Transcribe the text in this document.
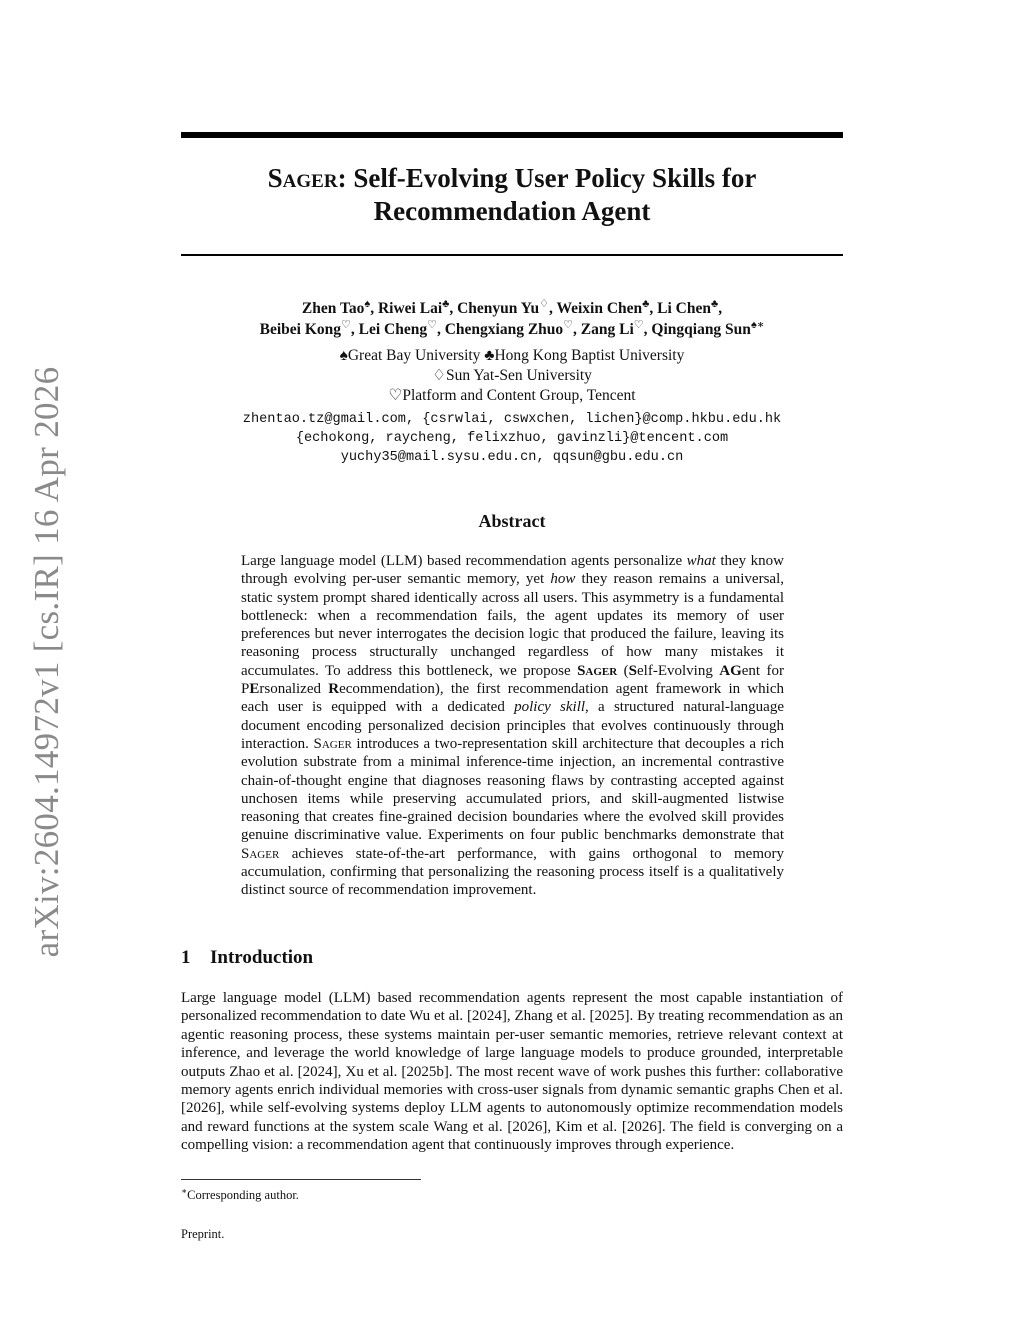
arXiv:2604.14972v1 [cs.IR] 16 Apr 2026
Sager: Self-Evolving User Policy Skills for
Recommendation Agent
Zhen Tao♠, Riwei Lai♣, Chenyun Yu♢, Weixin Chen♣, Li Chen♣,
Beibei Kong♡, Lei Cheng♡, Chengxiang Zhuo♡, Zang Li♡, Qingqiang Sun♠∗
♠Great Bay University ♣Hong Kong Baptist University
♢Sun Yat-Sen University
♡Platform and Content Group, Tencent
zhentao.tz@gmail.com, {csrwlai, cswxchen, lichen}@comp.hkbu.edu.hk
{echokong, raycheng, felixzhuo, gavinzli}@tencent.com
yuchy35@mail.sysu.edu.cn, qqsun@gbu.edu.cn
Abstract

Large language model (LLM) based recommendation agents personalize what they know through evolving per-user semantic memory, yet how they reason remains a universal, static system prompt shared identically across all users. This asymmetry is a fundamental bottleneck: when a recommendation fails, the agent updates its memory of user preferences but never interrogates the decision logic that produced the failure, leaving its reasoning process structurally unchanged regardless of how many mistakes it accumulates. To address this bottleneck, we propose Sager (Self-Evolving AGent for PErsonalized Recommendation), the first recommendation agent framework in which each user is equipped with a dedicated policy skill, a structured natural-language document encoding personalized decision principles that evolves continuously through interaction. Sager introduces a two-representation skill architecture that decouples a rich evolution substrate from a minimal inference-time injection, an incremental contrastive chain-of-thought engine that diagnoses reasoning flaws by contrasting accepted against unchosen items while preserving accumulated priors, and skill-augmented listwise reasoning that creates fine-grained decision boundaries where the evolved skill provides genuine discriminative value. Experiments on four public benchmarks demonstrate that Sager achieves state-of-the-art performance, with gains orthogonal to memory accumulation, confirming that personalizing the reasoning process itself is a qualitatively distinct source of recommendation improvement.

1 Introduction

Large language model (LLM) based recommendation agents represent the most capable instantiation of personalized recommendation to date Wu et al. [2024], Zhang et al. [2025]. By treating recommendation as an agentic reasoning process, these systems maintain per-user semantic memories, retrieve relevant context at inference, and leverage the world knowledge of large language models to produce grounded, interpretable outputs Zhao et al. [2024], Xu et al. [2025b]. The most recent wave of work pushes this further: collaborative memory agents enrich individual memories with cross-user signals from dynamic semantic graphs Chen et al. [2026], while self-evolving systems deploy LLM agents to autonomously optimize recommendation models and reward functions at the system scale Wang et al. [2026], Kim et al. [2026]. The field is converging on a compelling vision: a recommendation agent that continuously improves through experience.

∗Corresponding author.
Preprint.
